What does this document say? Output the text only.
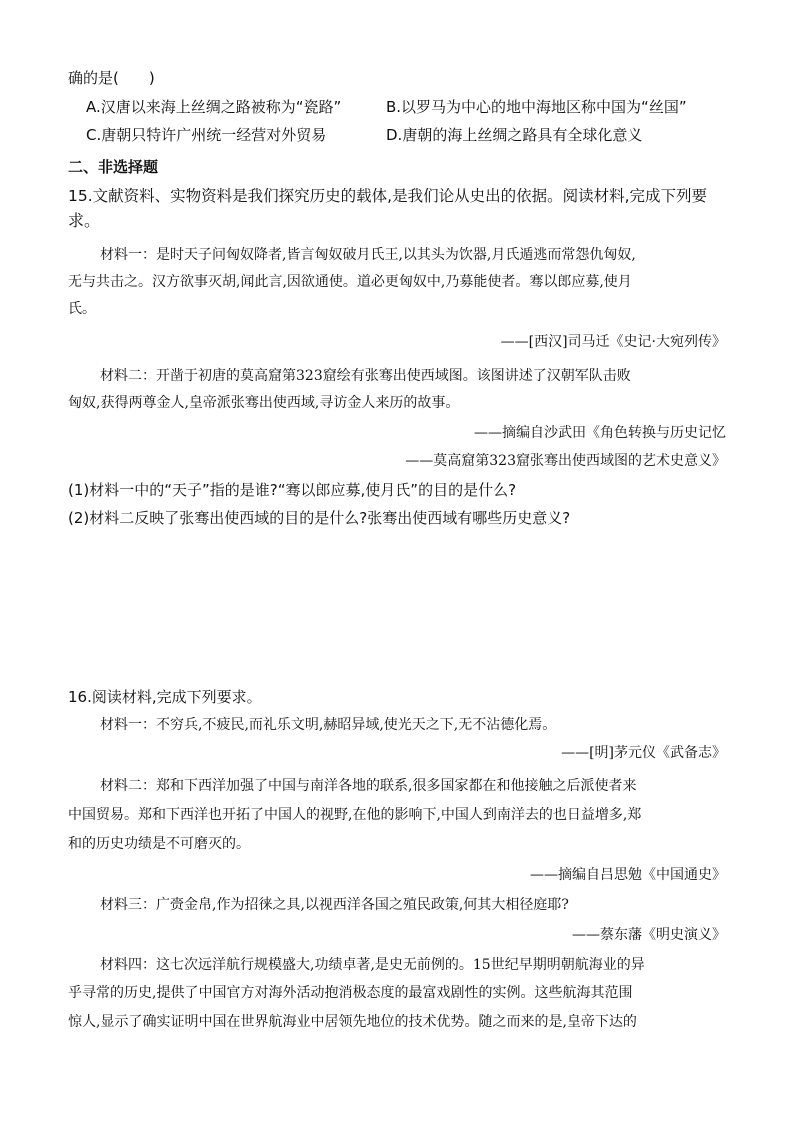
确的是(　　)
A.汉唐以来海上丝绸之路被称为“瓷路”	B.以罗马为中心的地中海地区称中国为“丝国”
C.唐朝只特许广州统一经营对外贸易	D.唐朝的海上丝绸之路具有全球化意义
二、非选择题
15.文献资料、实物资料是我们探究历史的载体,是我们论从史出的依据。阅读材料,完成下列要
求。
材料一：是时天子问匈奴降者,皆言匈奴破月氏王,以其头为饮器,月氏遁逃而常怨仇匈奴,
无与共击之。汉方欲事灭胡,闻此言,因欲通使。道必更匈奴中,乃募能使者。骞以郎应募,使月
氏。
——[西汉]司马迁《史记·大宛列传》
材料二：开凿于初唐的莫高窟第323窟绘有张骞出使西域图。该图讲述了汉朝军队击败
匈奴,获得两尊金人,皇帝派张骞出使西域,寻访金人来历的故事。
——摘编自沙武田《角色转换与历史记忆
——莫高窟第323窟张骞出使西域图的艺术史意义》
(1)材料一中的“天子”指的是谁?“骞以郎应募,使月氏”的目的是什么?
(2)材料二反映了张骞出使西域的目的是什么?张骞出使西域有哪些历史意义?
16.阅读材料,完成下列要求。
材料一：不穷兵,不疲民,而礼乐文明,赫昭异域,使光天之下,无不沾德化焉。
——[明]茅元仪《武备志》
材料二：郑和下西洋加强了中国与南洋各地的联系,很多国家都在和他接触之后派使者来
中国贸易。郑和下西洋也开拓了中国人的视野,在他的影响下,中国人到南洋去的也日益增多,郑
和的历史功绩是不可磨灭的。
——摘编自吕思勉《中国通史》
材料三：广赍金帛,作为招徕之具,以视西洋各国之殖民政策,何其大相径庭耶?
——蔡东藩《明史演义》
材料四：这七次远洋航行规模盛大,功绩卓著,是史无前例的。15世纪早期明朝航海业的异
乎寻常的历史,提供了中国官方对海外活动抱消极态度的最富戏剧性的实例。这些航海其范围
惊人,显示了确实证明中国在世界航海业中居领先地位的技术优势。随之而来的是,皇帝下达的
